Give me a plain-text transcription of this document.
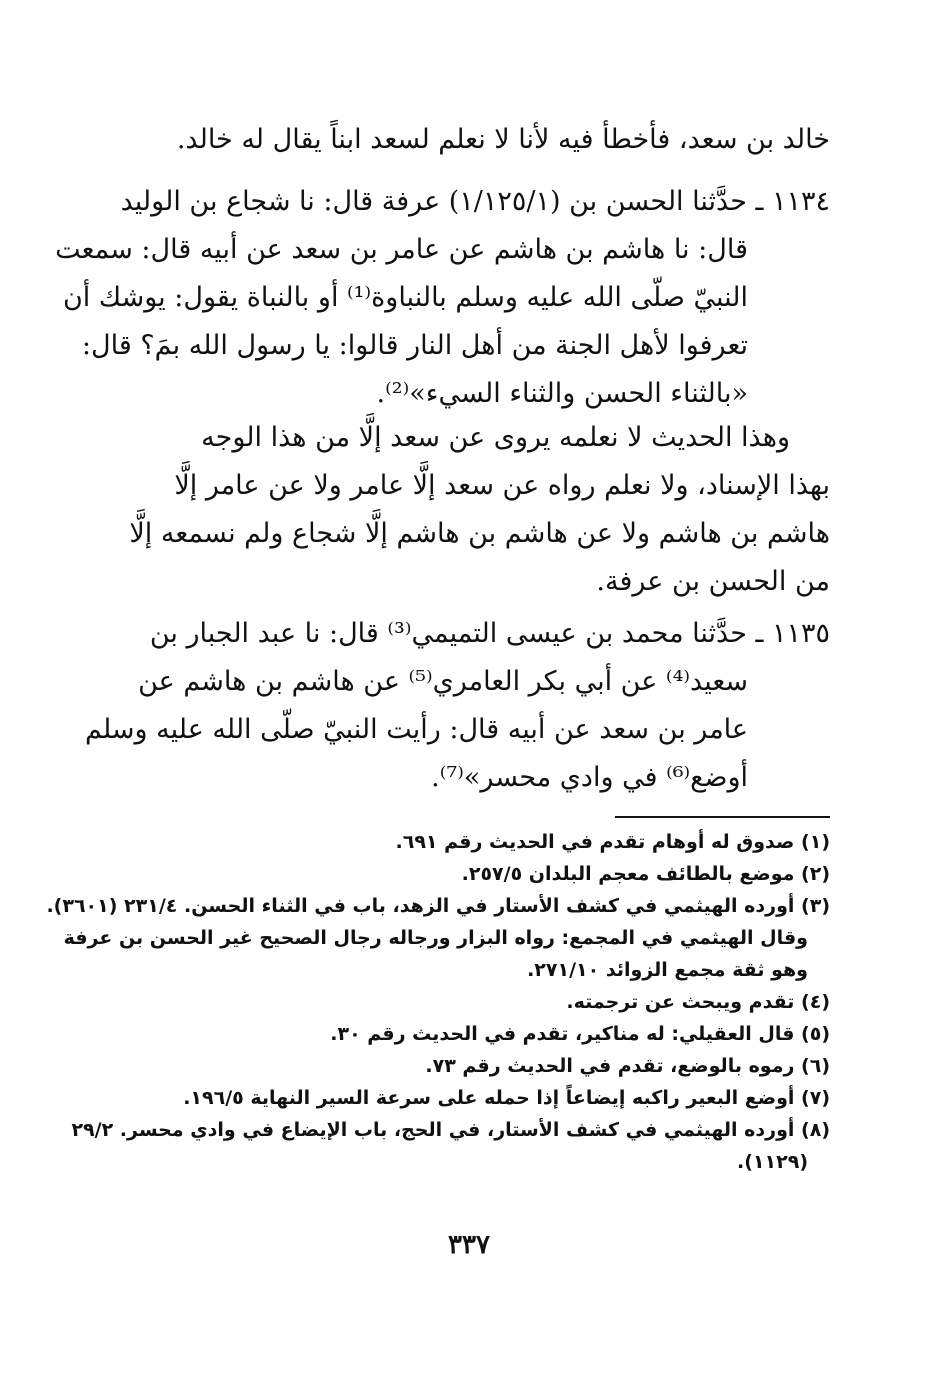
خالد بن سعد، فأخطأ فيه لأنا لا نعلم لسعد ابناً يقال له خالد.
١١٣٤ ـ حدَّثنا الحسن بن (١/١٢٥/١) عرفة قال: نا شجاع بن الوليد
قال: نا هاشم بن هاشم عن عامر بن سعد عن أبيه قال: سمعت
النبيّ صلّى الله عليه وسلم بالنباوة⁽¹⁾ أو بالنباة يقول: يوشك أن
تعرفوا لأهل الجنة من أهل النار قالوا: يا رسول الله بمَ؟ قال:
«بالثناء الحسن والثناء السيء»⁽²⁾.
وهذا الحديث لا نعلمه يروى عن سعد إلَّا من هذا الوجه
بهذا الإسناد، ولا نعلم رواه عن سعد إلَّا عامر ولا عن عامر إلَّا
هاشم بن هاشم ولا عن هاشم بن هاشم إلَّا شجاع ولم نسمعه إلَّا
من الحسن بن عرفة.
١١٣٥ ـ حدَّثنا محمد بن عيسى التميمي⁽³⁾ قال: نا عبد الجبار بن
سعيد⁽⁴⁾ عن أبي بكر العامري⁽⁵⁾ عن هاشم بن هاشم عن
عامر بن سعد عن أبيه قال: رأيت النبيّ صلّى الله عليه وسلم
أوضع⁽⁶⁾ في وادي محسر»⁽⁷⁾.
(١) صدوق له أوهام تقدم في الحديث رقم ٦٩١.
(٢) موضع بالطائف معجم البلدان ٢٥٧/٥.
(٣) أورده الهيثمي في كشف الأستار في الزهد، باب في الثناء الحسن. ٢٣١/٤ (٣٦٠١).
وقال الهيثمي في المجمع: رواه البزار ورجاله رجال الصحيح غير الحسن بن عرفة
وهو ثقة مجمع الزوائد ٢٧١/١٠.
(٤) تقدم ويبحث عن ترجمته.
(٥) قال العقيلي: له مناكير، تقدم في الحديث رقم ٣٠.
(٦) رموه بالوضع، تقدم في الحديث رقم ٧٣.
(٧) أوضع البعير راكبه إيضاعاً إذا حمله على سرعة السير النهاية ١٩٦/٥.
(٨) أورده الهيثمي في كشف الأستار، في الحج، باب الإيضاع في وادي محسر. ٢٩/٢
(١١٢٩).
٣٣٧
